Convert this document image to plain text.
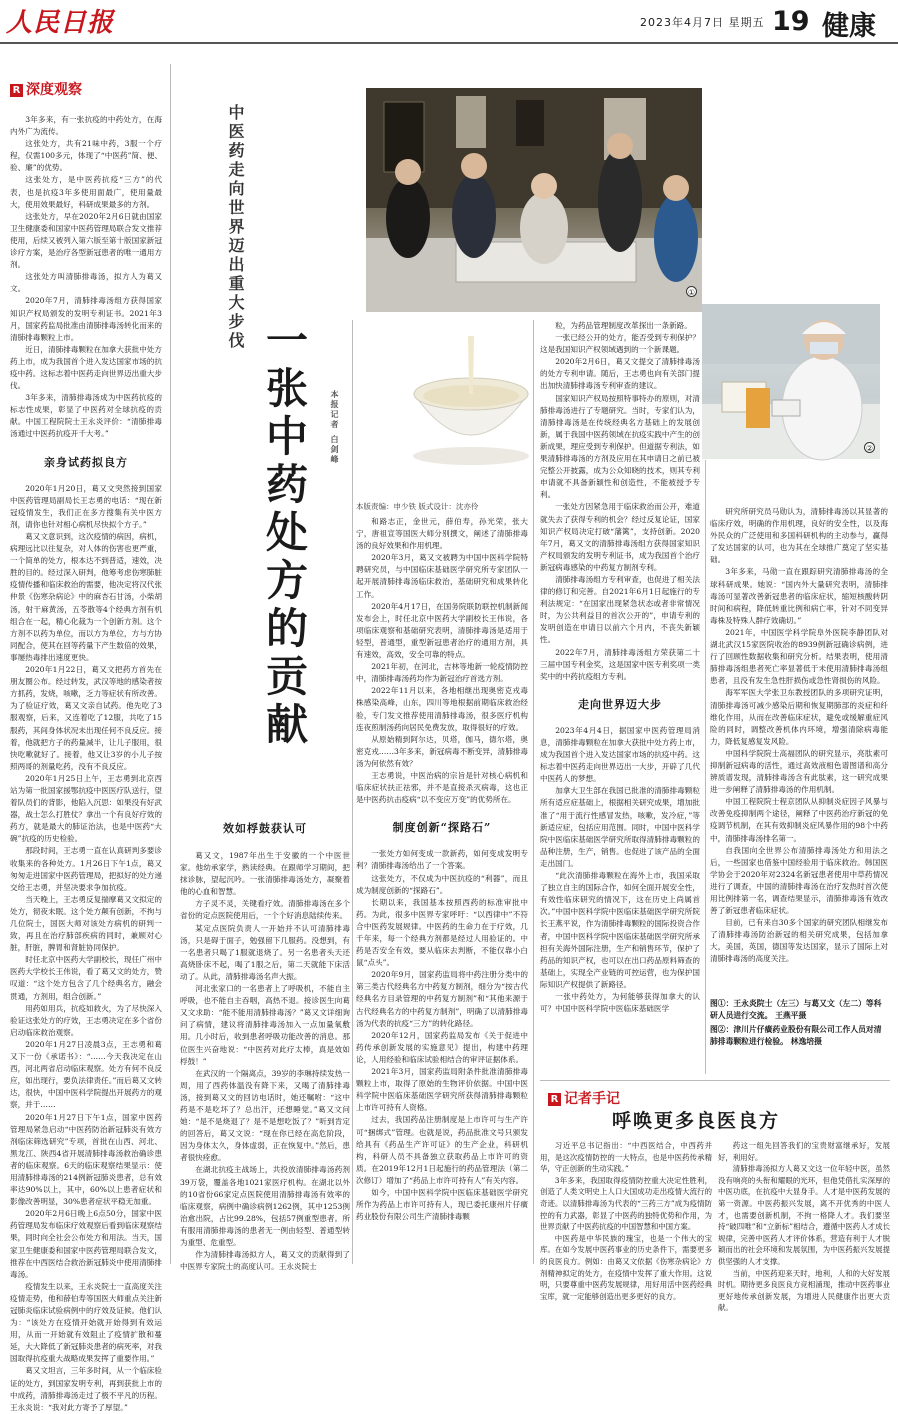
人民日报	2023年4月7日 星期五 19 健康
R 深度观察

3年多来，有一张抗疫的中药处方，在海内外广为流传。

这张处方，共有21味中药，3服一个疗程，仅需100多元，体现了“中医药”简、便、验、廉”的优势。

这张处方，是中医药抗疫“三方”的代表，也是抗疫3年多使用面最广，使用量最大，使用效果最好，科研成果最多的方剂。

这张处方，早在2020年2月6日就由国家卫生健康委和国家中医药管理局联合发文推荐使用，后续又被列入第六版至第十版国家新冠诊疗方案，是治疗各型新冠患者的唯一通用方剂。

这张处方叫清肺排毒汤，拟方人为葛又文。

2020年7月，清肺排毒汤组方获得国家知识产权局颁发的发明专利证书。2021年3月，国家药监局批准由清肺排毒汤转化而来的清肺排毒颗粒上市。

近日，清肺排毒颗粒在加拿大获批中处方药上市，成为我国首个进入发达国家市场的抗疫中药。这标志着中医药走向世界迈出重大步伐。

3年多来，清肺排毒汤成为中医药抗疫的标志性成果，彰显了中医药对全球抗疫的贡献。中国工程院院士王永炎评价：“清肺排毒汤通过中医药抗疫开千大考。”

亲身试药拟良方

2020年1月20日，葛又文突然接到国家中医药管理局副局长王志勇的电话：“现在新冠疫情发生，我们正在多方搜集有关中医方剂，请你也针对相心病机尽快拟个方子。”

葛又文意识到，这次疫情的病因，病机，病理远比以往复杂，对人体的伤害也更严重，一个简单的处方，根本达不到普适，速效，决胜的目的。经过深入研判，他筹考虑伤寒肺脏疫情传播和临床救治的需要，他决定将汉代张仲景《伤寒杂病论》中的麻杏石甘汤，小柴胡汤，射干麻黄汤，五苓散等4个经典方剂有机组合在一起，精心化裁为一个创新方剂。这个方剂不以药为单位，而以方为单位，方与方协同配合，使其在回等药量下产生数倍的效果，事屡热毒排出速度更快。

2020年1月22日，葛又文把药方首先在朋友圈公布。经过转发，武汉等地的感染者按方抓药，发烧，咳嗽，乏力等症状有所改善。为了验证疗效，葛又文亲自试药。他先吃了3服观察，后来，又连着吃了12服，共吃了15服药，其间身体状况未出现任何不良反应。接着，他就把方子的药量减半，让儿子服用，很快吃嗽就好了。接着，他又让3岁的小儿子按照两哥的剂量吃药，没有不良反应。

2020年1月25日上午，王志勇到北京西站为第一批国家援鄂抗疫中医医疗队送行，望着队员们的背影，他陷入沉思：如果没有好武器，战士怎么打胜仗？拿出一个有良好疗效的药方，就是最大的肺证治法，也是中医药“大碗”抗疫的历史检验。

那段时间，王志勇一直在认真研判多要诊收集来的各种处方。1月26日下午1点，葛又匆匆走进国家中医药管理局，把拟好的处方递交给王志勇，并坚决要求争加抗疫。

当天晚上，王志勇反复揣摩葛又文拟定的处方，彻夜未眠。这个处方颠有创新，不拘与几位院士，国医大师对该处方病机的研判一致，再且在治疗肺部疾病的同时，兼顾对心脏，肝脏，脾胃和肾脏协同保护。

时任北京中医药大学副校长，现任广州中医药大学校长王伟说，看了葛又文的处方，赞叹道：“这个处方包含了几个经典名方，融会贯通，方剂用，组合创新。”

用药如用兵，抗疫如救火，为了尽快深入验证这张处方的疗效，王志勇决定在多个省份启动临床救治观察。

2020年1月27日凌晨3点，王志勇和葛又下一份《承诺书》：“……今天我决定在山西，河北两省启动临床观察。处方有何不良反应，如出现行，要负法律责任。”而后葛又文转达，很快，中国中医科学院提出开展药方的观察，并于……

2020年1月27日下午1点，国家中医药管理局紧急启动“中医药防治新冠肺炎有效方剂临床筛选研究”专项，首批在山西、河北、黑龙江、陕西4省开展清肺排毒汤救治确诊患者的临床观察。6天的临床观察结果显示：使用清肺排毒汤的214例新冠肺炎患者，总有效率达90%以上，其中，60%以上患者症状和影像改善明显，30%患者症状平稳无加重。

2020年2月6日晚上6点50分，国家中医药管理局发布临床疗效观察后看到临床观察结果，同时向全社会公布处方和用法。当天，国家卫生健康委和国家中医药管理局联合发文，推荐在中西医结合救治新冠肺炎中使用清肺排毒汤。

疫情发生以来，王永炎院士一直高度关注疫情走势，他和薛伯寿等国医大师重点关注新冠肺炎临床试验病例中的疗效及证候。他们认为：“该处方在疫情开始就开始得到有效运用，从而一开始就有效阻止了疫情扩散和蔓延，大大降低了新冠肺炎患者的病死率，对我国取得抗疫重大战略成果发挥了重要作用。”

葛又文坦言，三年多时间，从一个临床验证的处方，到国家发明专利，再到获批上市的中成药，清肺排毒汤走过了极不平凡的历程。王永炎说：“我对此方寄予了厚望。”

中医药走向世界迈出重大步伐
一张中药处方的贡献	本报记者 白剑峰
①
②
本版责编：申少铁 版式设计：沈亦伶

葛又文，1987年出生于安徽的一个中医世家。他幼承家学，熟读经典。在跟师学习期间，把抹诊脉，望起沉吟。一张清肺排毒汤处方，凝聚着他的心血和智慧。

方子灵不灵，关键看疗效。清肺排毒汤在多个省份的定点医院使用后，一个个好消息陆续传来。

某定点医院负责人一开始并不认可清肺排毒汤，只是碍于面子，勉强留下几服药。没想到，有一名患者只喝了1服就退烧了。另一名患者头天还高烧卧床不起，喝了1服之后，第二天就能下床活动了。从此，清肺排毒汤名声大振。

河北张家口的一名患者上了呼吸机，不能自主呼吸，也不能自主吞咽，高热不退。接诊医生向葛又文求助：“能不能用清肺排毒汤？”葛又文详细询问了病情，建议将清肺排毒汤加入一点加量氧敷用。几小时后，收到患者呼吸功能改善的消息。那位医生兴奋地说：“中医药对此疗太棒，真是效如桴鼓！”

在武汉的一个隔离点，39岁的李琳持续发热一周，用了西药体温没有降下来，又喝了清肺排毒汤，接到葛又文的回访电话时，她还嘱咐：“这中药是不是吃坏了？总出汗，还想睡觉。”葛又文问她：“是不是烧退了？是不是想吃饭了？”听到肯定的回答后，葛又文说：“现在你已经在高危阶段，因为身体太久，身体虚弱，正在恢复中。”然后，患者很快痊愈。

在湖北抗疫主战场上，共投放清肺排毒汤药剂39万袋，覆盖各地1021家医疗机构。在湖北以外的10省份66家定点医院使用清肺排毒汤有效率的临床观察，病例中确诊病例1262例，其中1253例治愈出院，占比99.28%，包括57例重型患者。所有服用清肺排毒汤的患者无一例由轻型、普通型转为重型、危重型。

作为清肺排毒汤拟方人，葛又文的贡献得到了中医界专家院士的高度认可。王永炎院士

效如桴鼓获认可

和路志正，金世元，薛伯寿，孙光荣，张大宁，唐祖宣等国医大师分别撰文，阐述了清肺排毒汤的良好效果和作用机理。

2020年3月，葛又文被聘为中国中医科学院特聘研究员，与中国临床基础医学研究所专家团队一起开展清肺排毒汤临床救治，基础研究和成果转化工作。

2020年4月17日，在国务院联防联控机制新闻发布会上，时任北京中医药大学副校长王伟说，各项临床观察和基础研究表明，清肺排毒汤是适用于轻型，普通型，重型新冠患者治疗的通用方剂，具有速效，高效，安全可靠的特点。

2021年初，在河北，吉林等地新一轮疫情防控中，清肺排毒汤药均作为新冠治疗首选方剂。

2022年11月以来，各地相继出现奥密克戎毒株感染高峰，山东，四川等地根据前期临床救治经验，专门发文推荐使用清肺排毒汤，很多医疗机构连夜煎制汤药向居民免费发放，取得很好的疗效。

从原始精到阿尔达，贝塔，伽马，德尔塔，奥密克戎……3年多来，新冠病毒不断变异，清肺排毒汤为何依然有效？

王志勇说，中医治病的宗旨是针对核心病机和临床症状扶正祛邪，并不是直接杀灭病毒，这也正是中医药抗击疫病“以不变应万变”的优势所在。

制度创新“探路石”

一张处方如何变成一款新药，如何变成发明专利？清肺排毒汤给出了一个答案。

这张处方，不仅成为中医抗疫的“利器”，而且成为制度创新的“探路石”。

长期以来，我国基本按照西药的标准审批中药。为此，很多中医界专家呼吁：“以西律中”不符合中医药发展规律。中医药的生命力在于疗效，几千年来，每一个经典方剂都是经过人用验证的。中药是否安全有效，要从临床去判断，不能仅靠小白鼠“点头”。

2020年9月，国家药监局将中药注册分类中的第三类古代经典名方中药复方制剂，细分为“按古代经典名方目录管理的中药复方制剂”和“其他来源于古代经典名方的中药复方制剂”，明确了以清肺排毒汤为代表的抗疫“三方”的转化路径。

2020年12月，国家药监局发布《关于促进中药传承创新发展的实施意见》提出，构建中药理论，人用经验和临床试验相结合的审评证据体系。

2021年3月，国家药监局附条件批准清肺排毒颗粒上市，取得了原始的生物评价依据。中国中医科学院中医临床基础医学研究所获得清肺排毒颗粒上市许可持有人资格。

过去，我国药品注册制度是上市许可与生产许可“捆绑式”管理。也就是说，药品批准文号只颁发给具有《药品生产许可证》的生产企业，科研机构，科研人员不具备独立获取药品上市许可的资质。在2019年12月1日起施行的药品管理法（第二次修订）增加了“药品上市许可持有人”有关内容。

如今，中国中医科学院中医临床基础医学研究所作为药品上市许可持有人，现已委托康州片仔癀药业股份有限公司生产清肺排毒颗

粒，为药品管理制度改革探出一条新路。

一张已经公开的处方，能否受到专利保护？这是我国知识产权领域遇到的一个新课题。

2020年2月6日，葛又文提交了清肺排毒汤的处方专利申请。随后，王志勇也向有关部门提出加快清肺排毒汤专利审查的建议。

国家知识产权局按照特事特办的原则，对清肺排毒汤进行了专题研究。当时，专家们认为，清肺排毒汤是在传统经典名方基础上的发展创新，属于我国中医药领域在抗疫实践中产生的创新成果，理应受到专利保护。但道据专利法，如果清肺排毒汤的方剂及应用在其申请日之前已被完整公开披露，成为公众知晓的技术，则其专利申请就不具备新颖性和创造性，不能被授予专利。

一张处方因紧急用于临床救治而公开，难道就失去了获得专利的机会？经过反复论证，国家知识产权局决定打破“藩篱”，支持创新。2020年7月，葛又文的清肺排毒汤组方获得国家知识产权局颁发的发明专利证书，成为我国首个治疗新冠病毒感染的中药复方制剂专利。

清肺排毒汤组方专利审查，也促进了相关法律的修订和完善。自2021年6月1日起施行的专利法规定：“在国家出现紧急状态或者非常情况时，为公共利益目的首次公开的”，申请专利的发明创造在申请日以前六个月内，不丧失新颖性。

2022年7月，清肺排毒汤组方荣获第二十三届中国专利金奖，这是国家中医专利奖项一类奖中的中药抗疫组方专利。

走向世界迈大步

2023年4月4日，据国家中医药管理局消息，清肺排毒颗粒在加拿大获批中处方药上市，成为我国首个进入发达国家市场的抗疫中药。这标志着中医药走向世界迈出一大步，开辟了几代中医药人的梦想。

加拿大卫生部在我国已批准的清肺排毒颗粒所有适应症基础上，根据相关研究成果，增加批准了“用于流行性感冒发热，咳嗽，发冷症，”等新适应症，包括应用范围。同时，中国中医科学院中医临床基础医学研究所取得清肺排毒颗粒的品种注册，生产，销售。也促进了该产品的全面走出国门。

“此次清肺排毒颗粒在海外上市，我国采取了独立自主的国际合作，如何全面开展安全性，有效性临床研究的情况下，这在历史上尚属首次。”中国中医科学院中医临床基础医学研究所院长王燕平说，作为清肺排毒颗粒的国际投资合作者，中国中医科学院中医临床基础医学研究所承担有关海外国际注册，生产和销售环节，保护了药品的知识产权，也可以在出口药品原料筛查的基础上，实现全产业链的可控运营，也为保护国际知识产权提供了新路径。

一张中药处方，为何能够获得加拿大的认可？中国中医科学院中医临床基础医学

研究所研究员马勋认为，清肺排毒汤以其显著的临床疗效，明确的作用机理，良好的安全性，以及海外民众的广泛使用和多国科研机构的主动参与，赢得了发达国家的认可，也为其在全球推广奠定了坚实基础。

3年多来，马勋一直在跟踪研究清肺排毒汤的全球科研成果。她说：“国内外大量研究表明，清肺排毒汤可显著改善新冠患者的临床症状，缩短核酸转阴时间和病程，降低转重比例和病亡率，针对不同变异毒株及特殊人群疗效确切。”

2021年，中国医学科学院阜外医院李静团队对湖北武汉15家医院收治的8939例新冠确诊病例，进行了回顾性数据收集和研究分析。结果表明，使用清肺排毒汤组患者死亡率显著低于未使用清肺排毒汤组患者，且没有发生急性肝损伤或急性肾损伤的风险。

海军军医大学张卫东教授团队的多项研究证明，清肺排毒汤可减少感染后期和恢复期肺部的炎症和纤维化作用，从而在改善临床症状，避免或缓解重症风险的同时，调整改善机体内环境，增强清除病毒能力，降低复感复发风险。

中国科学院院士高福团队的研究显示，亮肽素可抑制新冠病毒的活性，通过高效液相色谱图谱和高分辨质谱发现，清肺排毒汤含有此肽素，这一研究成果进一步阐释了清肺排毒汤的作用机制。

中国工程院院士程京团队从抑制炎症因子风暴与改善免疫抑制两个途径，阐释了中医药治疗新冠的免疫调节机制，在其有效抑制炎症风暴作用的98个中药中，清肺排毒汤排名第一。

自我国向全世界公布清肺排毒汤处方和用法之后，一些国家也借鉴中国经验用于临床救治。韩国医学协会于2020年对2324名新冠患者使用中草药情况进行了调查，中国的清肺排毒汤在治疗发热时首次使用比例排第一名，调查结果显示，清肺排毒汤有效改善了新冠患者临床症状。

目前，已有来自30多个国家的研究团队相继发布了清肺排毒汤防治新冠的相关研究成果，包括加拿大，美国，英国，德国等发达国家，显示了国际上对清肺排毒汤的高度关注。

图①：王永炎院士（左三）与葛又文（左二）等科研人员进行交流。 王燕平摄
图②：津川片仔癀药业股份有限公司工作人员对清肺排毒颗粒进行检验。 林逸培摄
R 记者手记
呼唤更多良医良方

习近平总书记指出：“中西医结合，中西药并用，是这次疫情防控的一大特点，也是中医药传承精华，守正创新的生动实践。”

3年多来，我国取得疫情防控重大决定性胜利，创造了人类文明史上人口大国成功走出疫情大流行的奇迹。以清肺排毒汤为代表的“三药三方”成为疫情防控的有力武器，彰显了中医药的独特优势和作用，为世界贡献了中医药抗疫的中国智慧和中国方案。

中医药是中华民族的瑰宝，也是一个伟大的宝库。在如今发展中医药事业的历史条件下，需要更多的良医良方。例如：由葛又文依据《伤寒杂病论》方剂精神拟定的处方，在疫情中发挥了重大作用。这说明，只要尊重中医药发展规律，用好用活中医药经典宝库，就一定能够创造出更多更好的良方。

药这一组先回答我们的宝贵财富继承好，发展好，利用好。

清肺排毒汤拟方人葛又文这一位年轻中医，虽然没有响亮的头衔和耀眼的光环，但他凭借扎实深厚的中医功底，在抗疫中大显身手。人才是中医药发展的第一资源。中医药振兴发展，离不开优秀的中医人才，也需要创新机制，不拘一格降人才。我们要坚持“破四唯”和“立新标”相结合，遵循中医药人才成长规律，完善中医药人才评价体系，营造有利于人才脱颖而出的社会环境和发展氛围，为中医药振兴发展提供坚强的人才支撑。

当前，中医药迎来天时，地利，人和的大好发展时机。期待更多良医良方竞相涌现，推动中医药事业更好地传承创新发展，为增进人民健康作出更大贡献。
